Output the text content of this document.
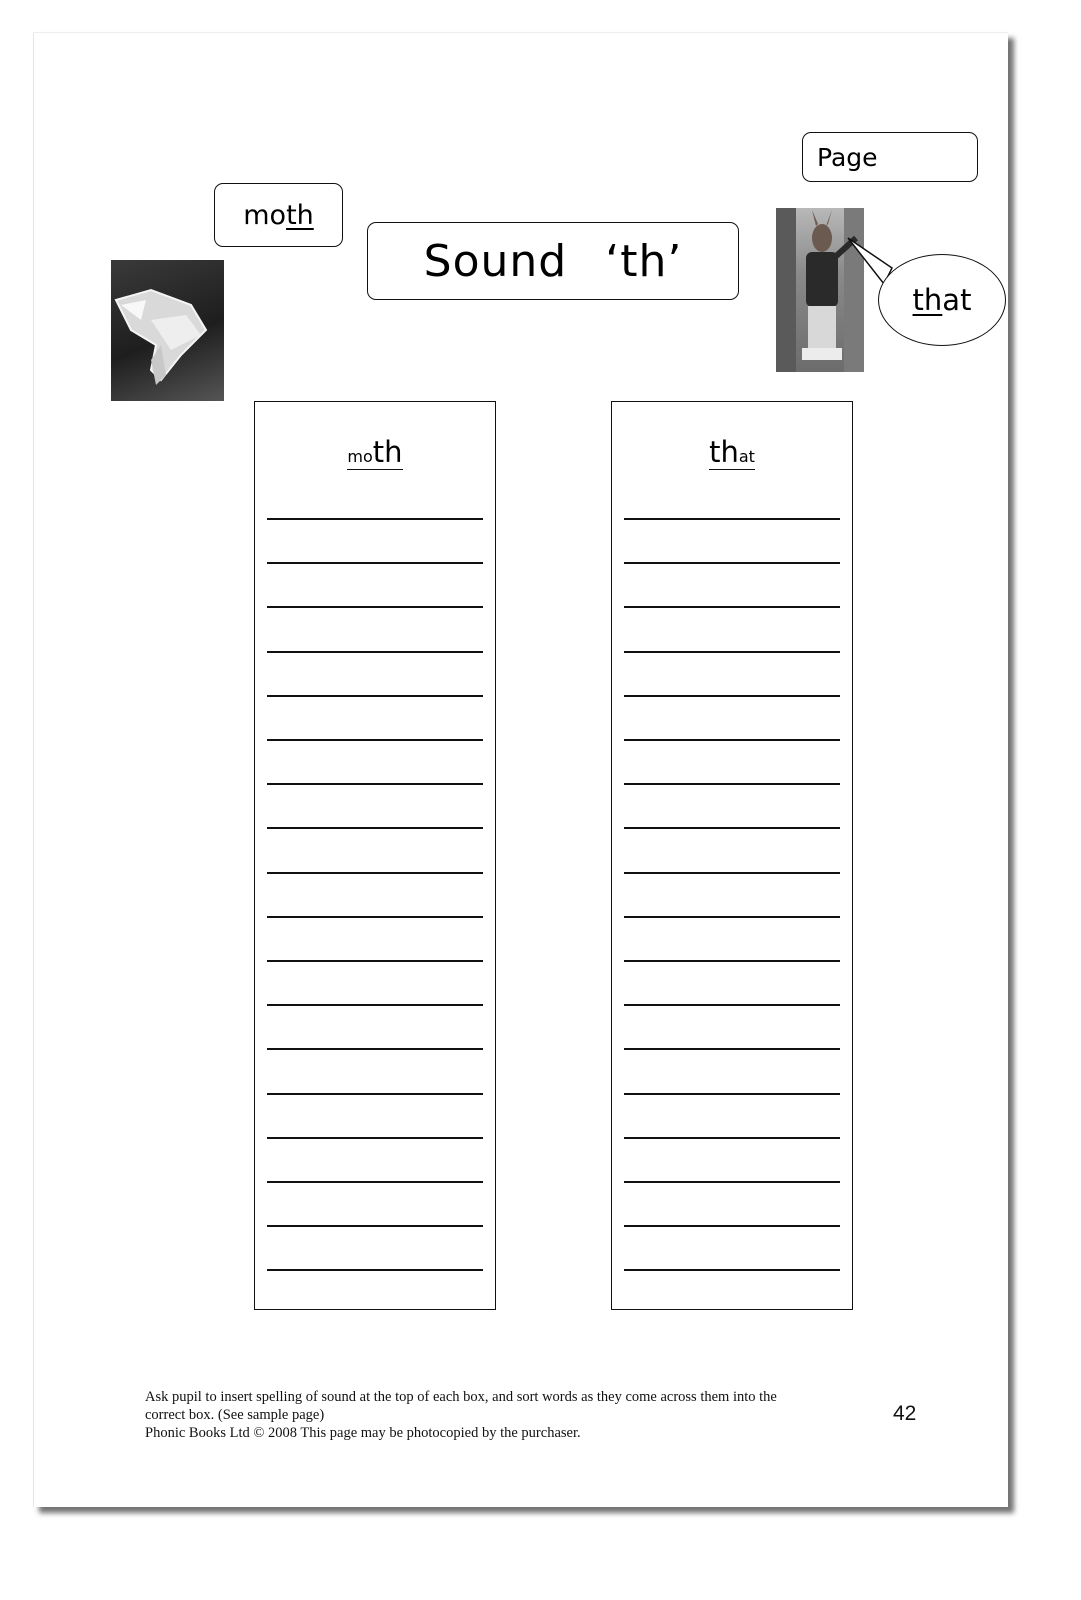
Page
mo th
Sound ‘th’
th at
moth	that
Ask pupil to insert spelling of sound at the top of each box, and sort words as they come across them into the
correct box. (See sample page)
Phonic Books Ltd © 2008 This page may be photocopied by the purchaser.
42
